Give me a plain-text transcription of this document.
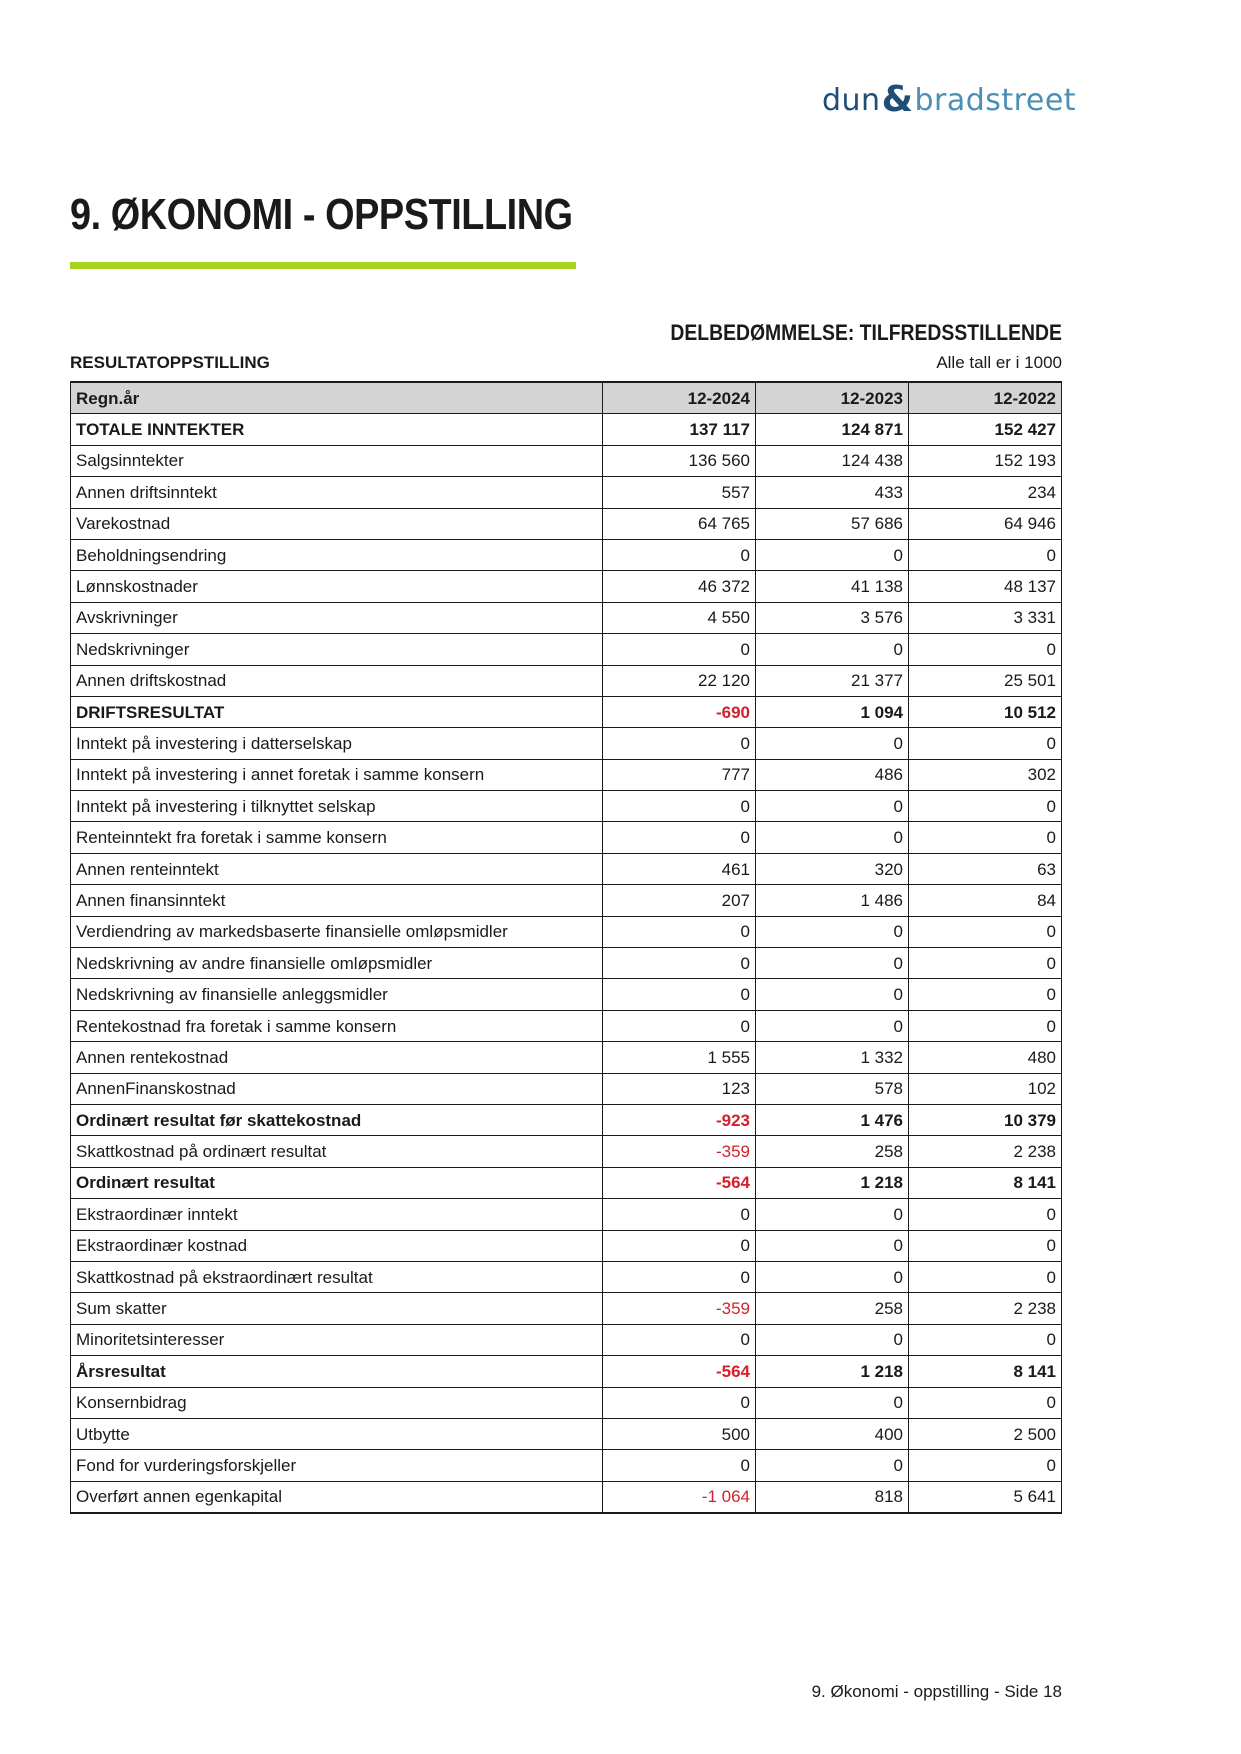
dun & bradstreet
9. ØKONOMI - OPPSTILLING
DELBEDØMMELSE: TILFREDSSTILLENDE
RESULTATOPPSTILLING	Alle tall er i 1000
Regn.år	12-2024	12-2023	12-2022
TOTALE INNTEKTER	137 117	124 871	152 427
Salgsinntekter	136 560	124 438	152 193
Annen driftsinntekt	557	433	234
Varekostnad	64 765	57 686	64 946
Beholdningsendring	0	0	0
Lønnskostnader	46 372	41 138	48 137
Avskrivninger	4 550	3 576	3 331
Nedskrivninger	0	0	0
Annen driftskostnad	22 120	21 377	25 501
DRIFTSRESULTAT	-690	1 094	10 512
Inntekt på investering i datterselskap	0	0	0
Inntekt på investering i annet foretak i samme konsern	777	486	302
Inntekt på investering i tilknyttet selskap	0	0	0
Renteinntekt fra foretak i samme konsern	0	0	0
Annen renteinntekt	461	320	63
Annen finansinntekt	207	1 486	84
Verdiendring av markedsbaserte finansielle omløpsmidler	0	0	0
Nedskrivning av andre finansielle omløpsmidler	0	0	0
Nedskrivning av finansielle anleggsmidler	0	0	0
Rentekostnad fra foretak i samme konsern	0	0	0
Annen rentekostnad	1 555	1 332	480
AnnenFinanskostnad	123	578	102
Ordinært resultat før skattekostnad	-923	1 476	10 379
Skattkostnad på ordinært resultat	-359	258	2 238
Ordinært resultat	-564	1 218	8 141
Ekstraordinær inntekt	0	0	0
Ekstraordinær kostnad	0	0	0
Skattkostnad på ekstraordinært resultat	0	0	0
Sum skatter	-359	258	2 238
Minoritetsinteresser	0	0	0
Årsresultat	-564	1 218	8 141
Konsernbidrag	0	0	0
Utbytte	500	400	2 500
Fond for vurderingsforskjeller	0	0	0
Overført annen egenkapital	-1 064	818	5 641
9. Økonomi - oppstilling - Side 18
